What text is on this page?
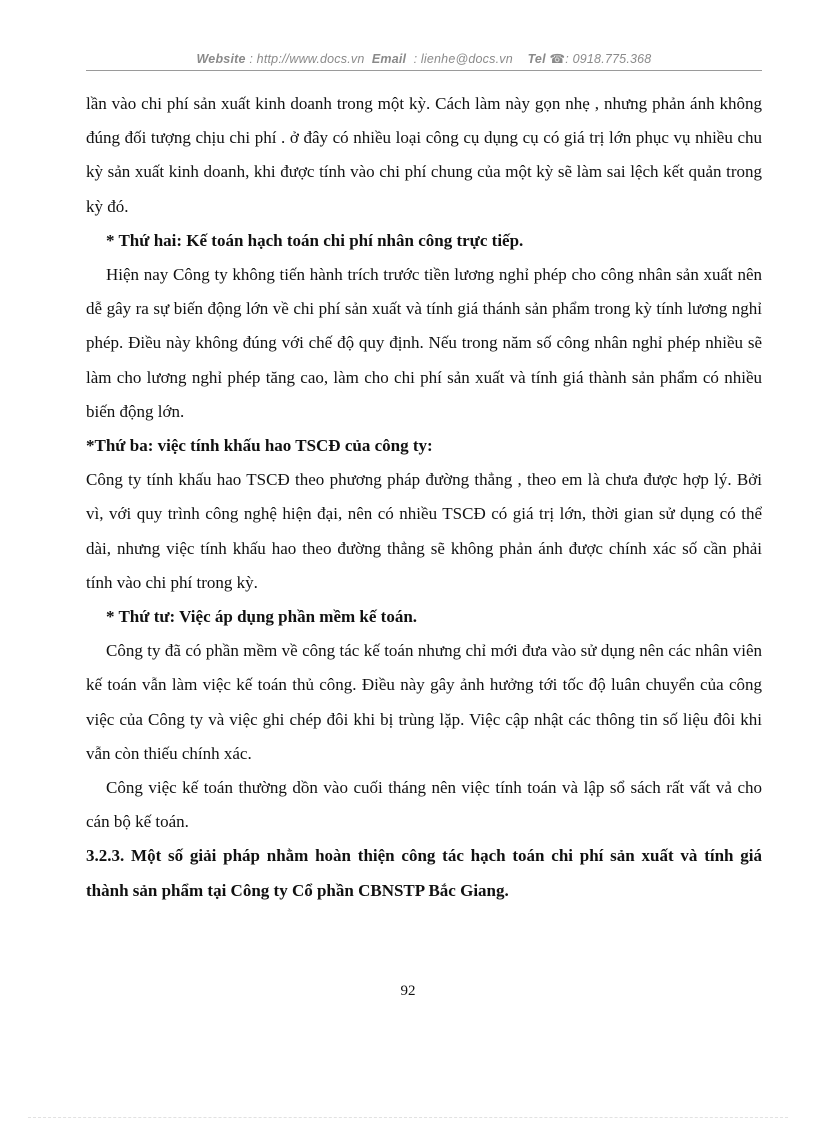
Website : http://www.docs.vn Email : lienhe@docs.vn Tel ☎: 0918.775.368

lần vào chi phí sản xuất kinh doanh trong một kỳ. Cách làm này gọn nhẹ , nhưng phản ánh không đúng đối tượng chịu chi phí . ở đây có nhiều loại công cụ dụng cụ có giá trị lớn phục vụ nhiều chu kỳ sản xuất kinh doanh, khi được tính vào chi phí chung của một kỳ sẽ làm sai lệch kết quản trong kỳ đó.

* Thứ hai: Kế toán hạch toán chi phí nhân công trực tiếp.

Hiện nay Công ty không tiến hành trích trước tiền lương nghỉ phép cho công nhân sản xuất nên dễ gây ra sự biến động lớn về chi phí sản xuất và tính giá thánh sản phẩm trong kỳ tính lương nghỉ phép. Điều này không đúng với chế độ quy định. Nếu trong năm số công nhân nghỉ phép nhiều sẽ làm cho lương nghỉ phép tăng cao, làm cho chi phí sản xuất và tính giá thành sản phẩm có nhiều biến động lớn.

*Thứ ba: việc tính khấu hao TSCĐ của công ty:

Công ty tính khấu hao TSCĐ theo phương pháp đường thẳng , theo em là chưa được hợp lý. Bởi vì, với quy trình công nghệ hiện đại, nên có nhiều TSCĐ có giá trị lớn, thời gian sử dụng có thể dài, nhưng việc tính khấu hao theo đường thẳng sẽ không phản ánh được chính xác số cần phải tính vào chi phí trong kỳ.

* Thứ tư: Việc áp dụng phần mềm kế toán.

Công ty đã có phần mềm về công tác kế toán nhưng chỉ mới đưa vào sử dụng nên các nhân viên kế toán vẫn làm việc kế toán thủ công. Điều này gây ảnh hưởng tới tốc độ luân chuyển của công việc của Công ty và việc ghi chép đôi khi bị trùng lặp. Việc cập nhật các thông tin số liệu đôi khi vẫn còn thiếu chính xác.

Công việc kế toán thường dồn vào cuối tháng nên việc tính toán và lập sổ sách rất vất vả cho cán bộ kế toán.

3.2.3. Một số giải pháp nhằm hoàn thiện công tác hạch toán chi phí sản xuất và tính giá thành sản phẩm tại Công ty Cổ phần CBNSTP Bắc Giang.

92
